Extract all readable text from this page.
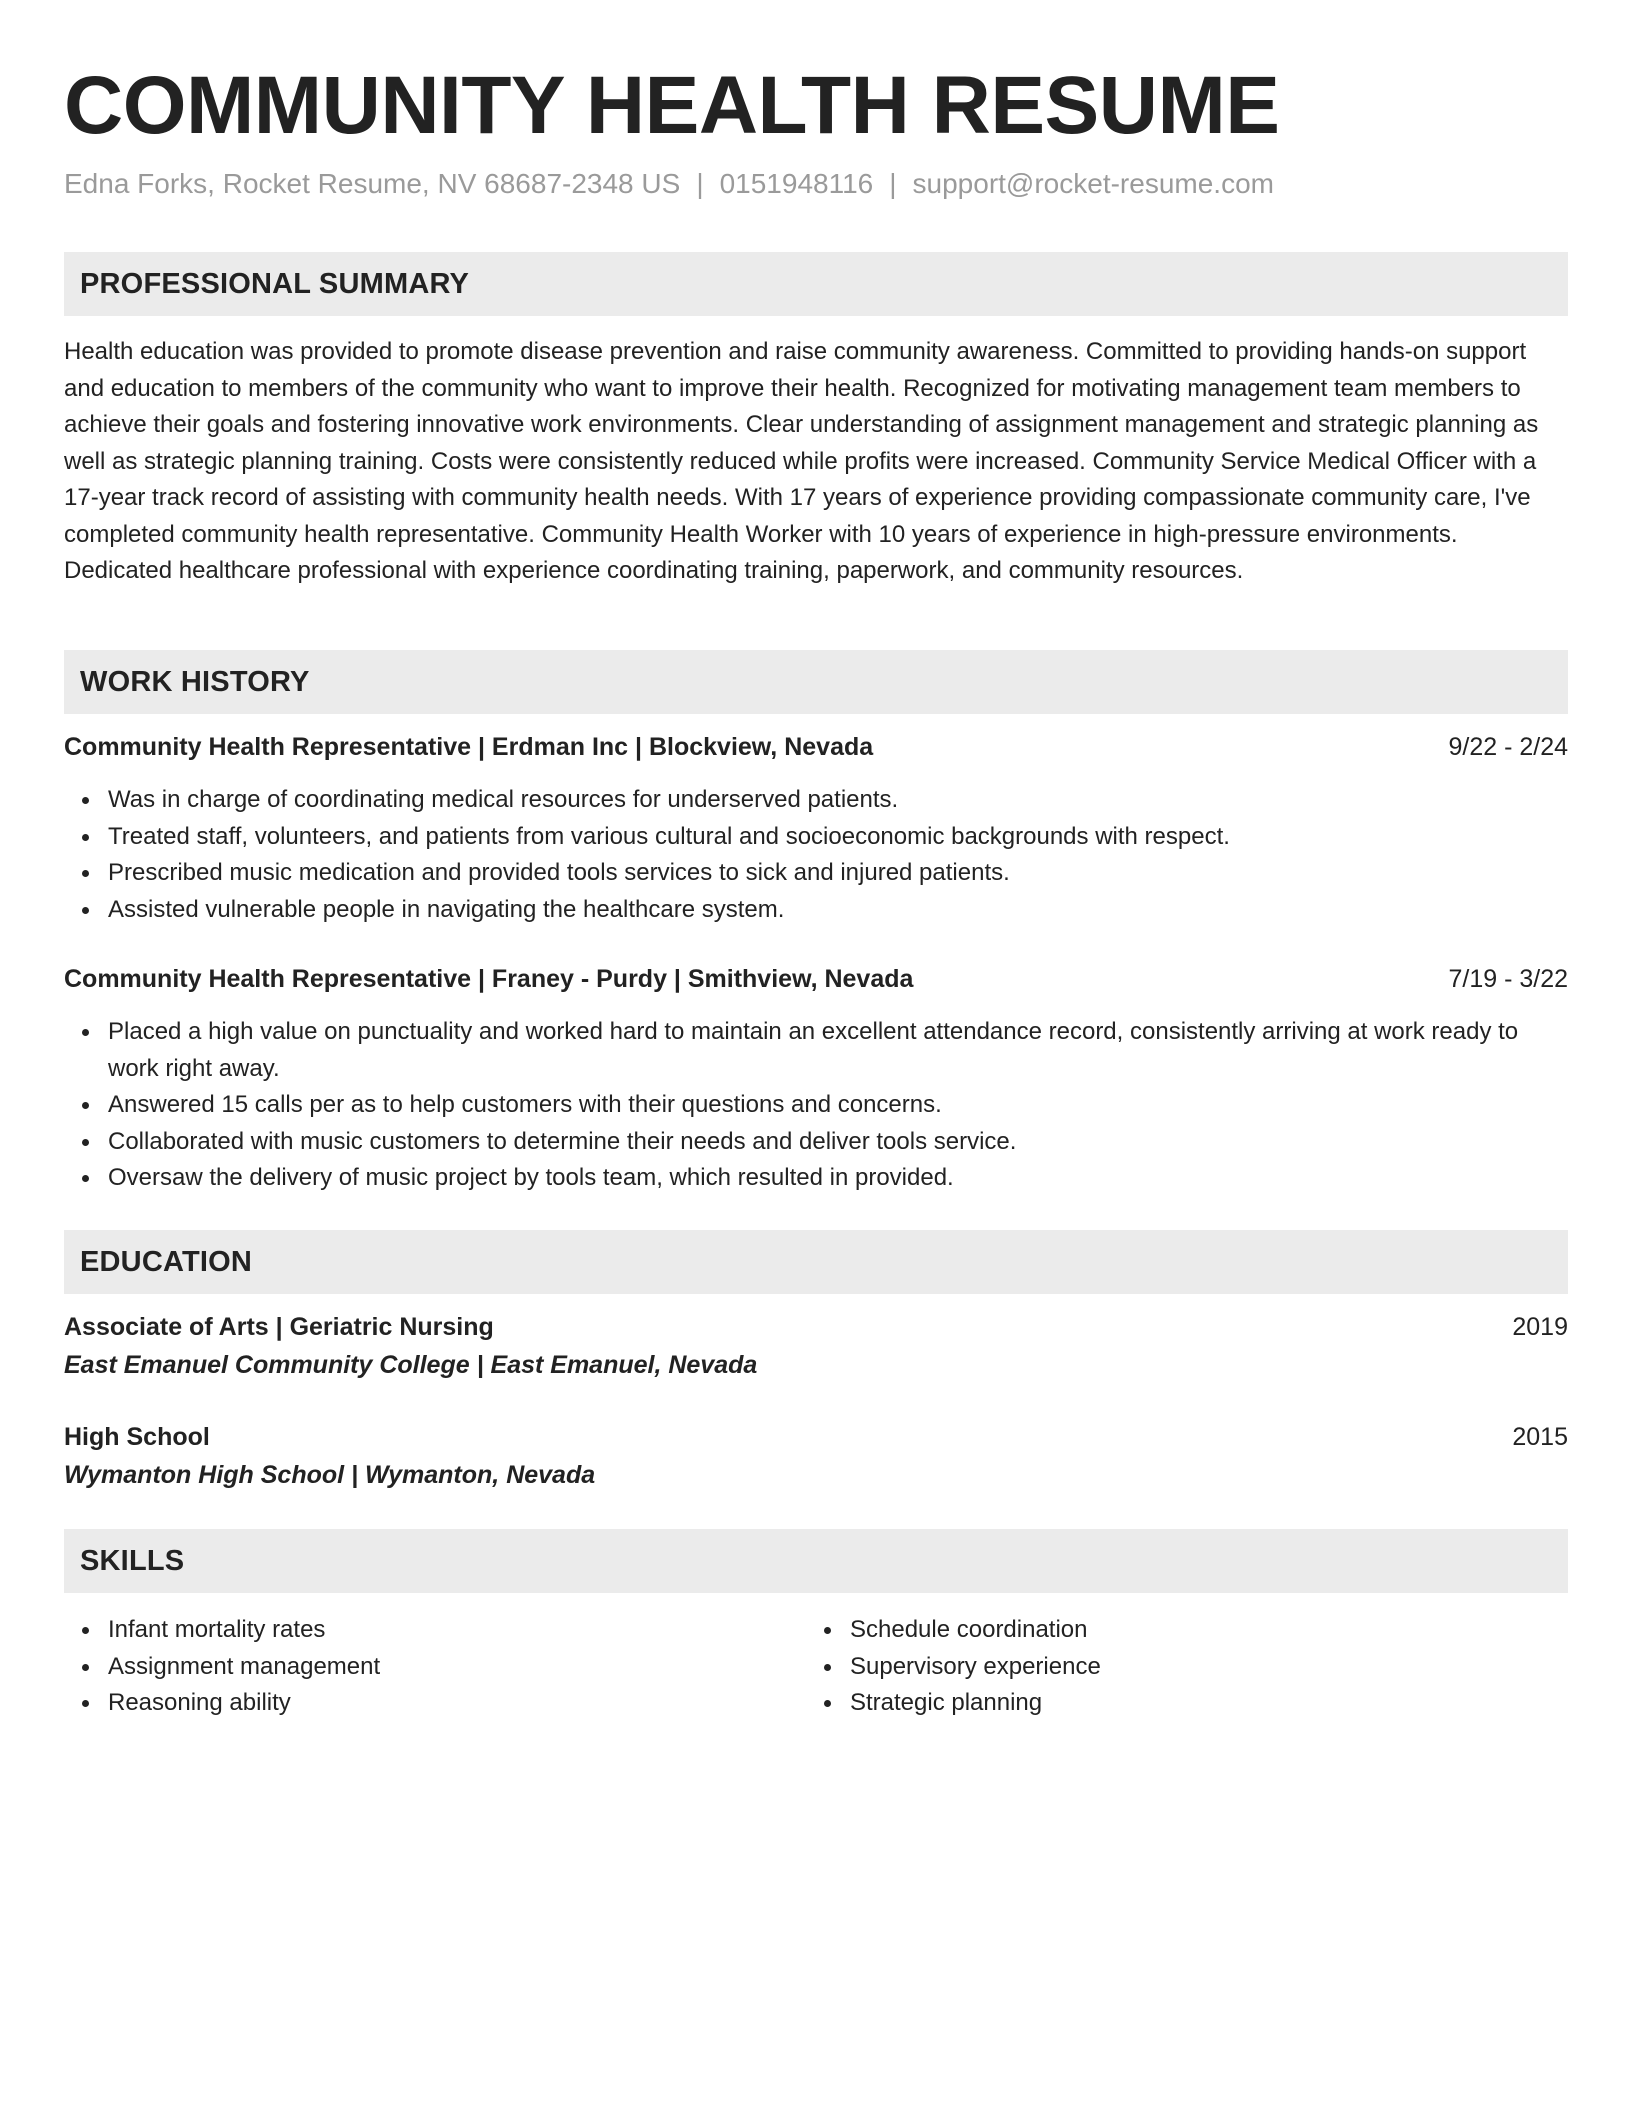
COMMUNITY HEALTH RESUME
Edna Forks, Rocket Resume, NV 68687-2348 US | 0151948116 | support@rocket-resume.com
PROFESSIONAL SUMMARY

Health education was provided to promote disease prevention and raise community awareness. Committed to providing hands-on support and education to members of the community who want to improve their health. Recognized for motivating management team members to achieve their goals and fostering innovative work environments. Clear understanding of assignment management and strategic planning as well as strategic planning training. Costs were consistently reduced while profits were increased. Community Service Medical Officer with a 17-year track record of assisting with community health needs. With 17 years of experience providing compassionate community care, I've completed community health representative. Community Health Worker with 10 years of experience in high-pressure environments. Dedicated healthcare professional with experience coordinating training, paperwork, and community resources.

WORK HISTORY
Community Health Representative | Erdman Inc | Blockview, Nevada	9/22 - 2/24
Was in charge of coordinating medical resources for underserved patients.
Treated staff, volunteers, and patients from various cultural and socioeconomic backgrounds with respect.
Prescribed music medication and provided tools services to sick and injured patients.
Assisted vulnerable people in navigating the healthcare system.
Community Health Representative | Franey - Purdy | Smithview, Nevada	7/19 - 3/22
Placed a high value on punctuality and worked hard to maintain an excellent attendance record, consistently arriving at work ready to work right away.
Answered 15 calls per as to help customers with their questions and concerns.
Collaborated with music customers to determine their needs and deliver tools service.
Oversaw the delivery of music project by tools team, which resulted in provided.
EDUCATION
Associate of Arts | Geriatric Nursing	2019
East Emanuel Community College | East Emanuel, Nevada
High School	2015
Wymanton High School | Wymanton, Nevada
SKILLS
Infant mortality rates
Assignment management
Reasoning ability
Schedule coordination
Supervisory experience
Strategic planning
